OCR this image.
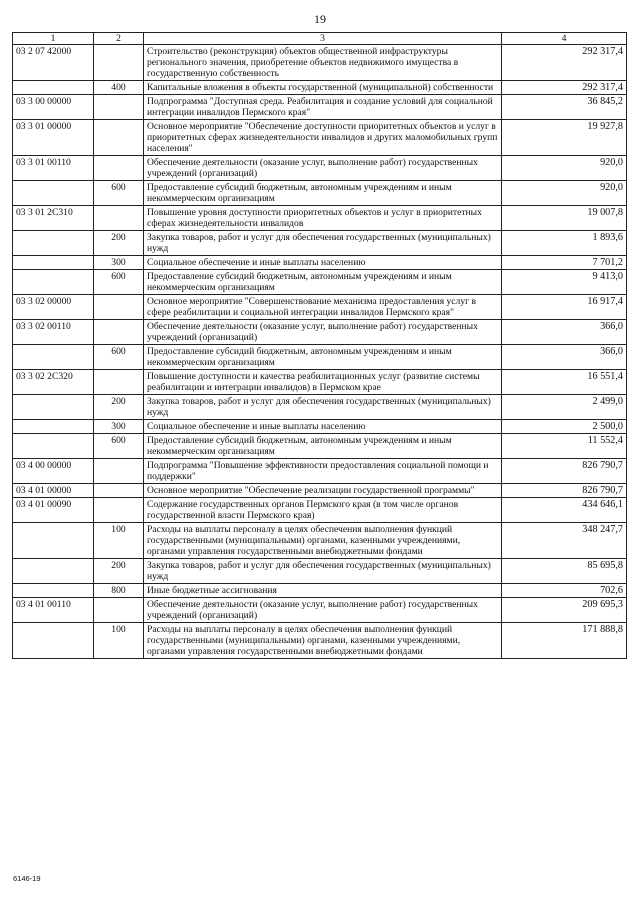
19
1	2	3	4
03 2 07 42000		Строительство (реконструкция) объектов общественной инфраструктуры регионального значения, приобретение объектов недвижимого имущества в государственную собственность	292 317,4
	400	Капитальные вложения в объекты государственной (муниципальной) собственности	292 317,4
03 3 00 00000		Подпрограмма "Доступная среда. Реабилитация и создание условий для социальной интеграции инвалидов Пермского края"	36 845,2
03 3 01 00000		Основное мероприятие "Обеспечение доступности приоритетных объектов и услуг в приоритетных сферах жизнедеятельности инвалидов и других маломобильных групп населения"	19 927,8
03 3 01 00110		Обеспечение деятельности (оказание услуг, выполнение работ) государственных учреждений (организаций)	920,0
	600	Предоставление субсидий бюджетным, автономным учреждениям и иным некоммерческим организациям	920,0
03 3 01 2С310		Повышение уровня доступности приоритетных объектов и услуг в приоритетных сферах жизнедеятельности инвалидов	19 007,8
	200	Закупка товаров, работ и услуг для обеспечения государственных (муниципальных) нужд	1 893,6
	300	Социальное обеспечение и иные выплаты населению	7 701,2
	600	Предоставление субсидий бюджетным, автономным учреждениям и иным некоммерческим организациям	9 413,0
03 3 02 00000		Основное мероприятие "Совершенствование механизма предоставления услуг в сфере реабилитации и социальной интеграции инвалидов Пермского края"	16 917,4
03 3 02 00110		Обеспечение деятельности (оказание услуг, выполнение работ) государственных учреждений (организаций)	366,0
	600	Предоставление субсидий бюджетным, автономным учреждениям и иным некоммерческим организациям	366,0
03 3 02 2С320		Повышение доступности и качества реабилитационных услуг (развитие системы реабилитации и интеграции инвалидов) в Пермском крае	16 551,4
	200	Закупка товаров, работ и услуг для обеспечения государственных (муниципальных) нужд	2 499,0
	300	Социальное обеспечение и иные выплаты населению	2 500,0
	600	Предоставление субсидий бюджетным, автономным учреждениям и иным некоммерческим организациям	11 552,4
03 4 00 00000		Подпрограмма "Повышение эффективности предоставления социальной помощи и поддержки"	826 790,7
03 4 01 00000		Основное мероприятие "Обеспечение реализации государственной программы"	826 790,7
03 4 01 00090		Содержание государственных органов Пермского края (в том числе органов государственной власти Пермского края)	434 646,1
	100	Расходы на выплаты персоналу в целях обеспечения выполнения функций государственными (муниципальными) органами, казенными учреждениями, органами управления государственными внебюджетными фондами	348 247,7
	200	Закупка товаров, работ и услуг для обеспечения государственных (муниципальных) нужд	85 695,8
	800	Иные бюджетные ассигнования	702,6
03 4 01 00110		Обеспечение деятельности (оказание услуг, выполнение работ) государственных учреждений (организаций)	209 695,3
	100	Расходы на выплаты персоналу в целях обеспечения выполнения функций государственными (муниципальными) органами, казенными учреждениями, органами управления государственными внебюджетными фондами	171 888,8
6146-19
